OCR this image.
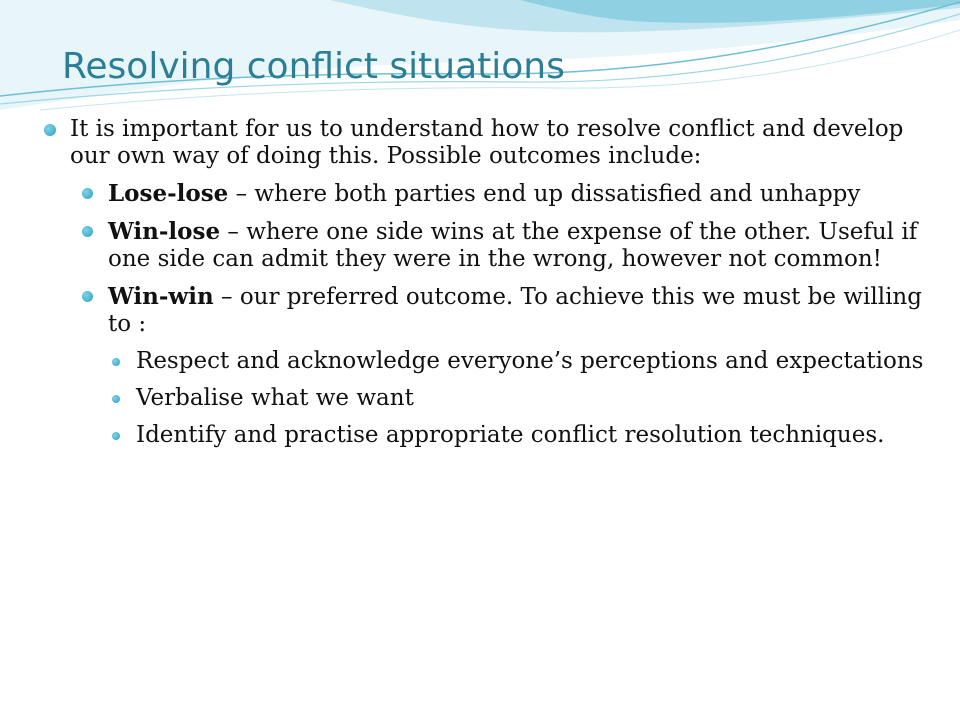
Resolving conflict situations
It is important for us to understand how to resolve conflict and develop our own way of doing this. Possible outcomes include:
Lose-lose – where both parties end up dissatisfied and unhappy
Win-lose – where one side wins at the expense of the other. Useful if one side can admit they were in the wrong, however not common!
Win-win – our preferred outcome. To achieve this we must be willing to :
Respect and acknowledge everyone’s perceptions and expectations
Verbalise what we want
Identify and practise appropriate conflict resolution techniques.
